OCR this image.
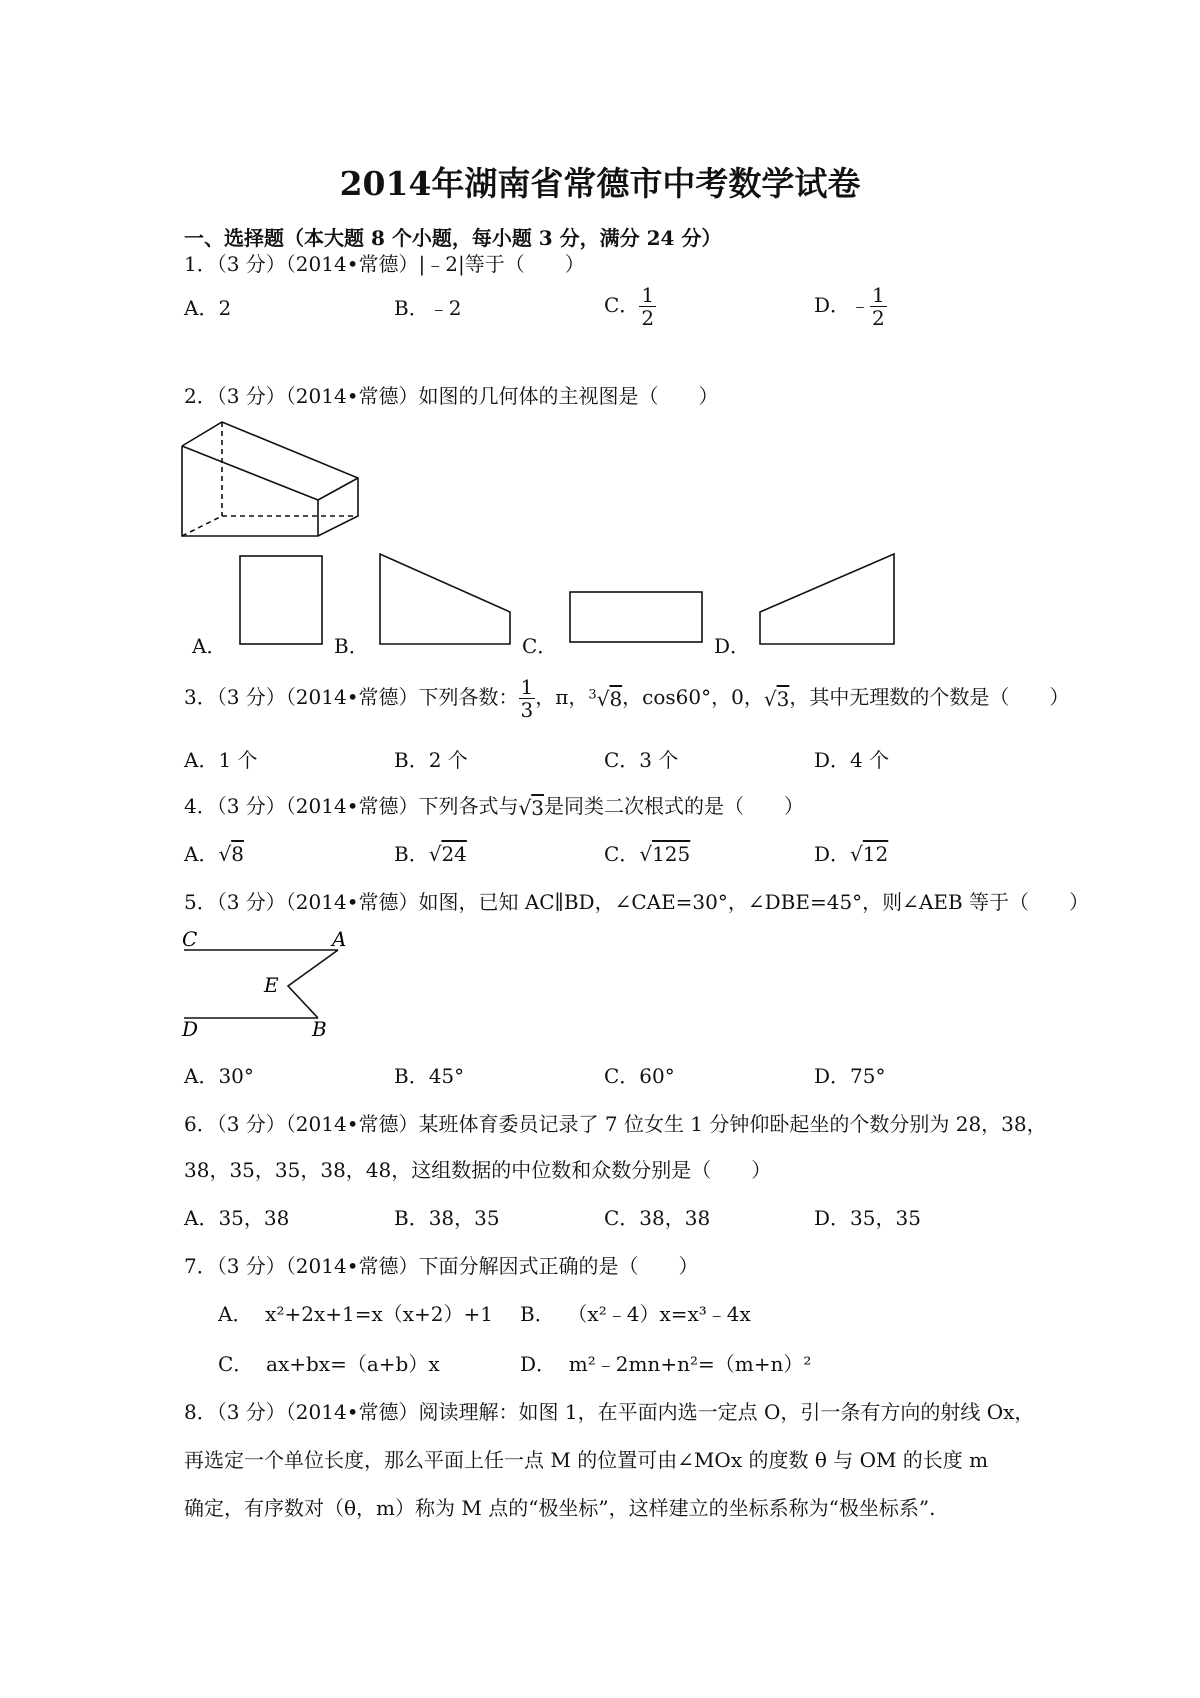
2014年湖南省常德市中考数学试卷
一、选择题（本大题 8 个小题，每小题 3 分，满分 24 分）
1．（3 分）（2014•常德）|﹣2|等于（　　）
A．2	B．﹣2	C． $\frac{1}{2}$	D．﹣ $\frac{1}{2}$
2．（3 分）（2014•常德）如图的几何体的主视图是（　　）
A．	B．	C．	D．
3．（3 分）（2014•常德）下列各数： $\frac{1}{3}$ ，π，$^3$√8，cos60°，0，√3，其中无理数的个数是（　　）
A．1 个	B．2 个	C．3 个	D．4 个
4．（3 分）（2014•常德）下列各式与√3是同类二次根式的是（　　）
A．√8	B．√24	C．√125	D．√12
5．（3 分）（2014•常德）如图，已知 AC∥BD，∠CAE=30°，∠DBE=45°，则∠AEB 等于（　　）
C	A
E
D	B
A．30°	B．45°	C．60°	D．75°
6．（3 分）（2014•常德）某班体育委员记录了 7 位女生 1 分钟仰卧起坐的个数分别为 28，38，
38，35，35，38，48，这组数据的中位数和众数分别是（　　）
A．35，38	B．38，35	C．38，38	D．35，35
7．（3 分）（2014•常德）下面分解因式正确的是（　　）
A． x²+2x+1=x（x+2）+1 B． （x²﹣4）x=x³﹣4x
C． ax+bx=（a+b）x	D． m²﹣2mn+n²=（m+n）²
8．（3 分）（2014•常德）阅读理解：如图 1，在平面内选一定点 O，引一条有方向的射线 Ox，
再选定一个单位长度，那么平面上任一点 M 的位置可由∠MOx 的度数 θ 与 OM 的长度 m
确定，有序数对（θ，m）称为 M 点的“极坐标”，这样建立的坐标系称为“极坐标系”.
